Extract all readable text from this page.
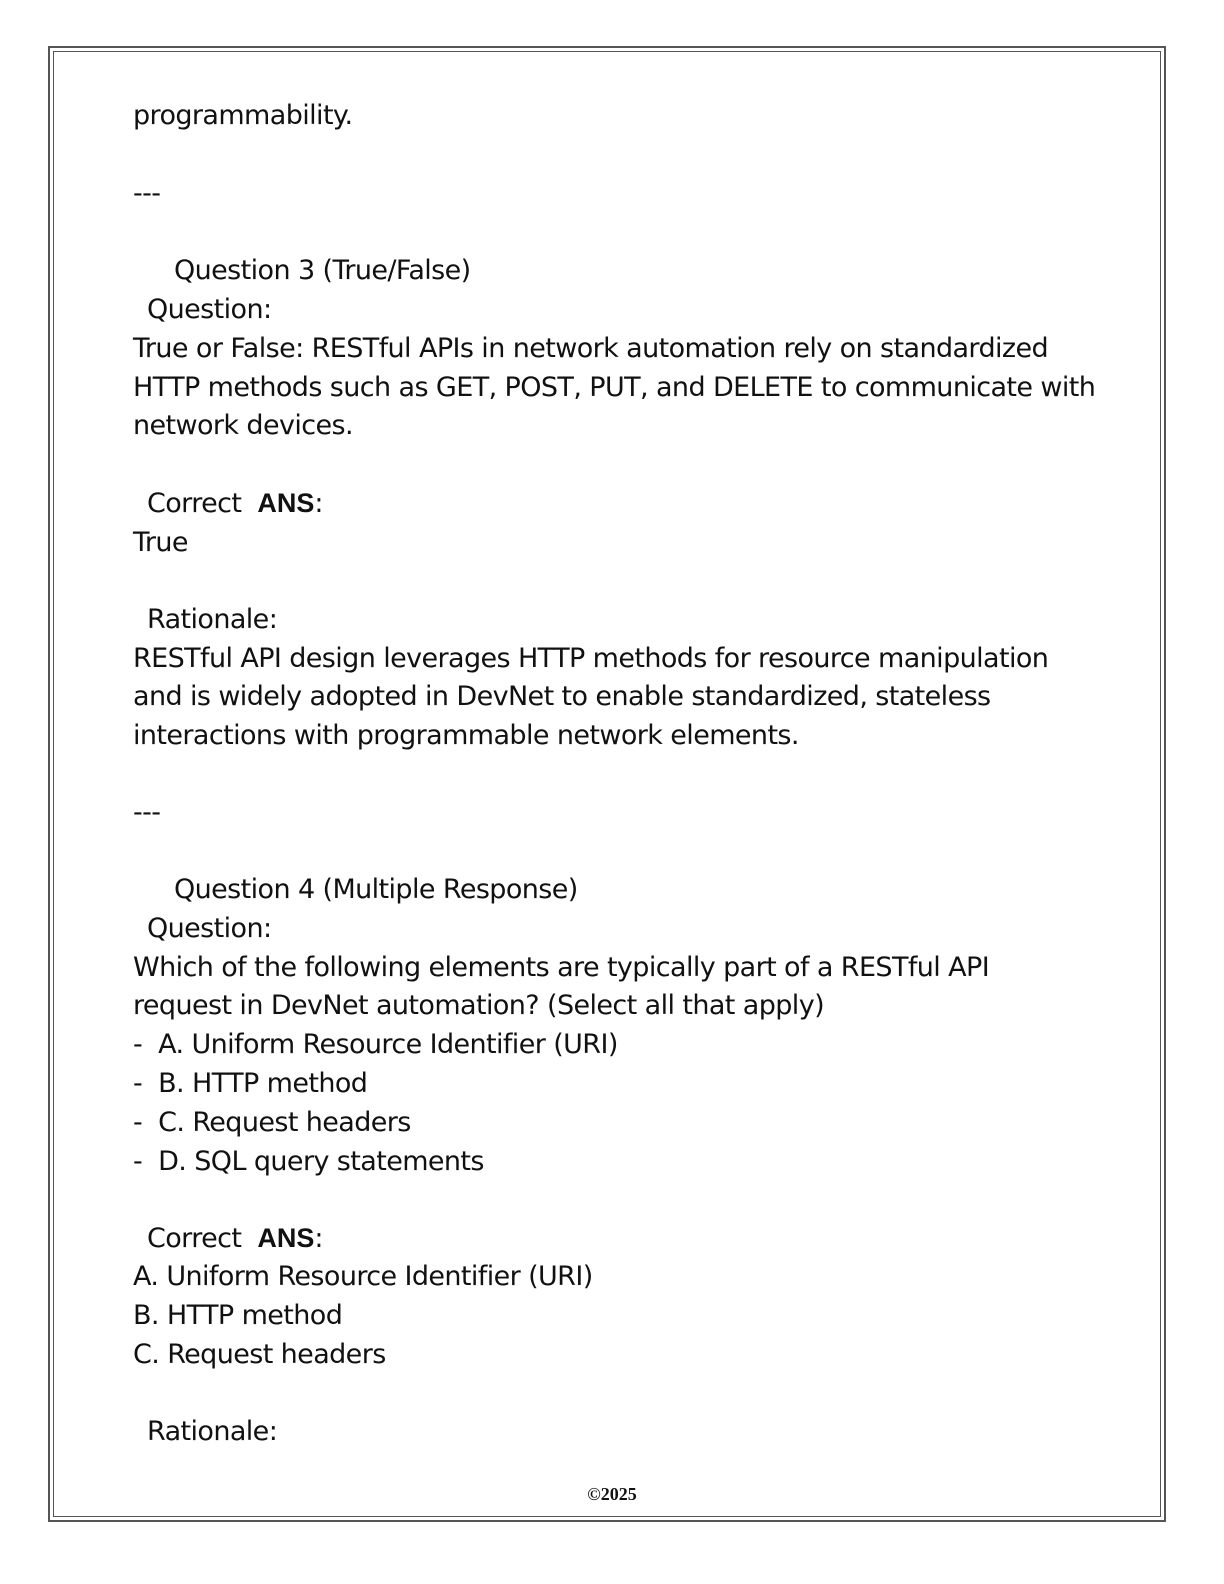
programmability.
---
Question 3 (True/False)
Question:
True or False: RESTful APIs in network automation rely on standardized
HTTP methods such as GET, POST, PUT, and DELETE to communicate with
network devices.
Correct  ANS:
True
Rationale:
RESTful API design leverages HTTP methods for resource manipulation
and is widely adopted in DevNet to enable standardized, stateless
interactions with programmable network elements.
---
Question 4 (Multiple Response)
Question:
Which of the following elements are typically part of a RESTful API
request in DevNet automation? (Select all that apply)
-  A. Uniform Resource Identifier (URI)
-  B. HTTP method
-  C. Request headers
-  D. SQL query statements
Correct  ANS:
A. Uniform Resource Identifier (URI)
B. HTTP method
C. Request headers
Rationale:
©2025
